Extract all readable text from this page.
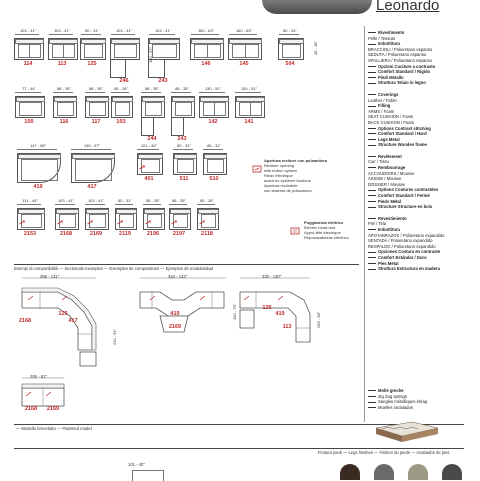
Leonardo
103 - 41"
114
103 - 41"
113
80 - 31"
125
103 - 41"
246
103 - 41"
243
160 - 63"
146
160 - 63"
145
80 - 31"
504
180 - 67"	45 - 18"
77 - 44"
100
88 - 35"
116
88 - 35"
117
65 - 26"
103
88 - 35"
244
88 - 35"
243
130 - 51"
142
130 - 51"
141
147 - 58"
419
145 - 57"
417
101 - 40"
401
80 - 31"
511
80 - 31"
510
Apertura recliner con pulsantiera
Recliner opening
with button system
Relax électrique
avant en système boutons
Apertura reclinable
con sistema de pulsadores
111 - 44"
2153
103 - 41"
2168
103 - 41"
2169
80 - 31"
2119
88 - 35"
2196
88 - 35"
2197
65 - 26"
2118
Poggiatesta elettrico
Electric head-rest
Appui-tête électrique
Reposacabezas eléctrico
Esempi di componibilità — Sectionals examples — Exemples de compositions — Ejemplos de modularidad
356 - 131"
2168
125
417
232 - 81"
344 - 143"
419
2169
190 - 75"
330 - 130"
125
419
113	250 - 98"
206 - 81"
2168	2169
— Modello brevettato — Patented model
Finitura piedi — Legs finishes — Finition du pieds — Acabados de pies
101 - 40"
Rivestimento
Pelle / Tessuto
Imbottitura
BRACCIOLI / Poliuretano espanso
SEDUTA / Poliuretano espanso
SPALLIERA / Poliuretano espanso
Opzioni Cuciture a contrasto
Comfort Standard / Rigido
Piedi Metallo
Struttura Telaio in legno
Coverings
Leather / Fabric
Filling
ARMS / Foam
SEAT CUSHION / Foam
BACK CUSHION / Foam
Options Contrast stitching
Comfort Standard / Hard
Legs Metal
Structure Wooden frame
Revêtement
Cuir / Tissu
Rembourrage
ACCOUDOIRS / Mousse
ASSISE / Mousse
DOSSIER / Mousse
Options Coutures contrastées
Comfort Standard / Fermé
Pieds Métal
Structure Structure en bois
Revestimiento
Piel / Tela
Imbottitura
APOYABRAZOS / Poliuretano expandido
SENTADA / Poliuretano expandido
RESPALDO / Poliuretano expandido
Opciones Costura en contraste
Comfort Estándar / Duro
Pies Metal
Struttura Estructura en madera
Molle greche
Zig Zag springs
Sangles métalliques étirag
Muelles ondulados
